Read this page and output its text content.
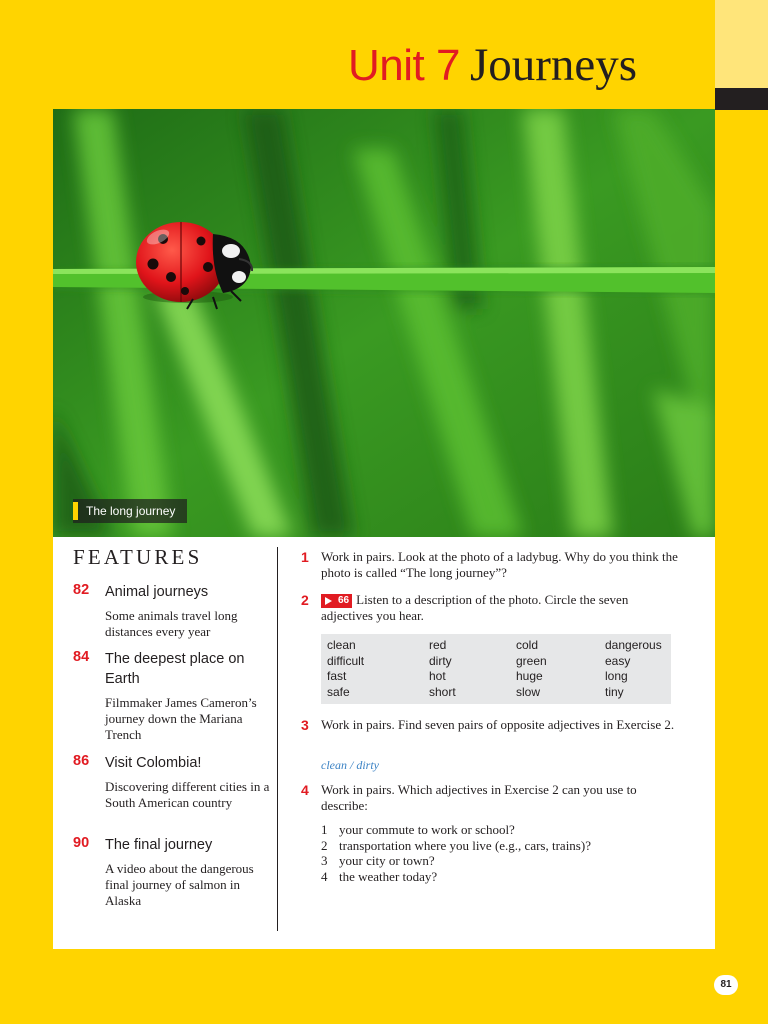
Unit 7 Journeys
The long journey
FEATURES
82 Animal journeys
Some animals travel long distances every year
84 The deepest place on Earth
Filmmaker James Cameron’s journey down the Mariana Trench
86 Visit Colombia!
Discovering different cities in a South American country
90 The final journey
A video about the dangerous final journey of salmon in Alaska
1 Work in pairs. Look at the photo of a ladybug. Why do you think the photo is called “The long journey”?
2	66 Listen to a description of the photo. Circle the seven adjectives you hear.
clean
difficult
fast
safe
red
dirty
hot
short
cold
green
huge
slow
dangerous
easy
long
tiny
3 Work in pairs. Find seven pairs of opposite adjectives in Exercise 2.
clean / dirty
4 Work in pairs. Which adjectives in Exercise 2 can you use to describe:
1 your commute to work or school?
2 transportation where you live (e.g., cars, trains)?
3 your city or town?
4 the weather today?
81
